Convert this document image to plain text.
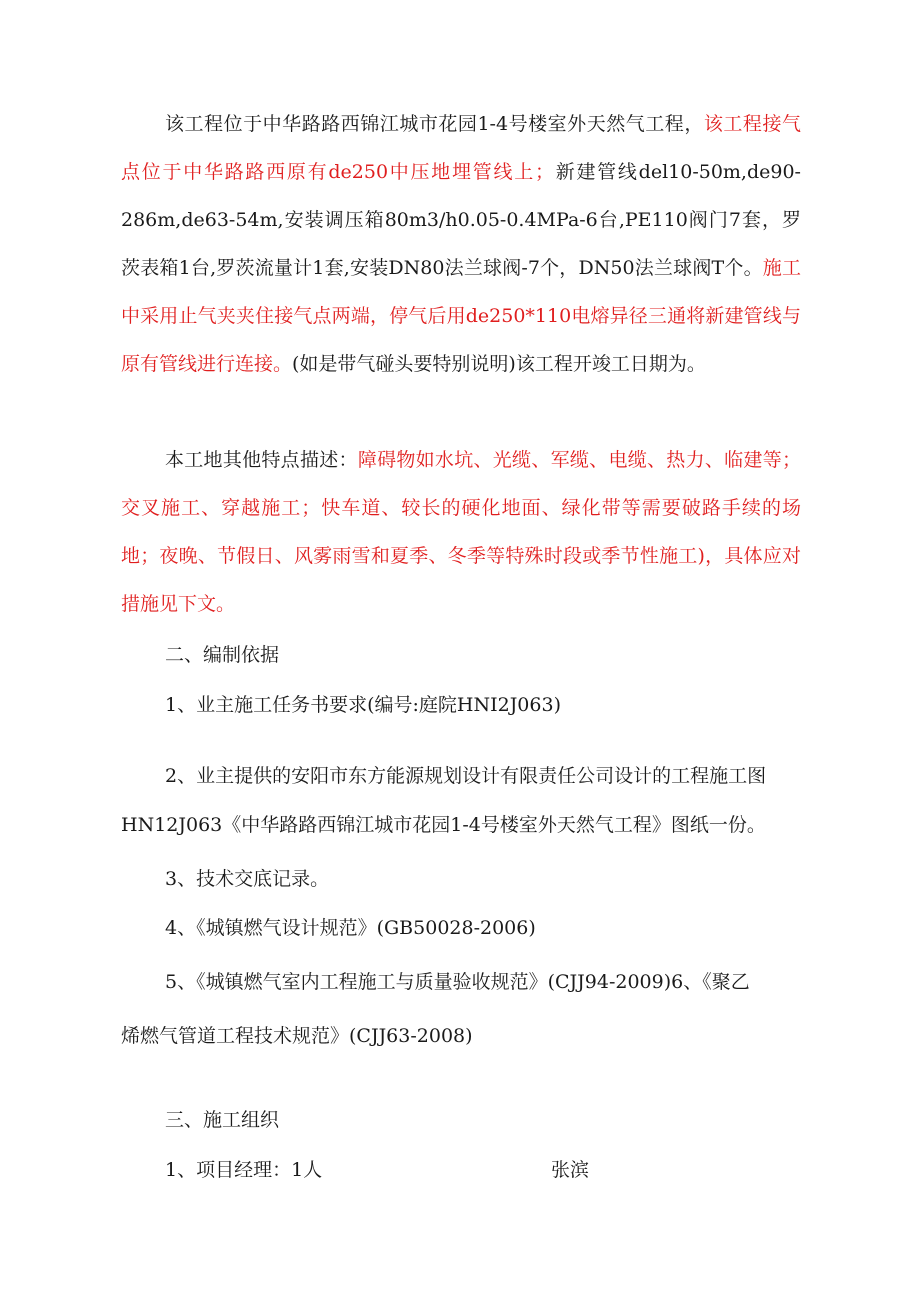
该工程位于中华路路西锦江城市花园1-4号楼室外天然气工程，该工程接气点位于中华路路西原有de250中压地埋管线上；新建管线del10-50m,de90-286m,de63-54m,安装调压箱80m3/h0.05-0.4MPa-6台,PE110阀门7套，罗茨表箱1台,罗茨流量计1套,安装DN80法兰球阀-7个，DN50法兰球阀T个。施工中采用止气夹夹住接气点两端，停气后用de250*110电熔异径三通将新建管线与原有管线进行连接。(如是带气碰头要特别说明)该工程开竣工日期为。

本工地其他特点描述：障碍物如水坑、光缆、军缆、电缆、热力、临建等；交叉施工、穿越施工；快车道、较长的硬化地面、绿化带等需要破路手续的场地；夜晚、节假日、风雾雨雪和夏季、冬季等特殊时段或季节性施工)，具体应对措施见下文。

二、编制依据
1、业主施工任务书要求(编号:庭院HNI2J063)
2、业主提供的安阳市东方能源规划设计有限责任公司设计的工程施工图
HN12J063《中华路路西锦江城市花园1-4号楼室外天然气工程》图纸一份。
3、技术交底记录。
4、《城镇燃气设计规范》(GB50028-2006)
5、《城镇燃气室内工程施工与质量验收规范》(CJJ94-2009)6、《聚乙
烯燃气管道工程技术规范》(CJJ63-2008)
三、施工组织
1、项目经理：1人	张滨
